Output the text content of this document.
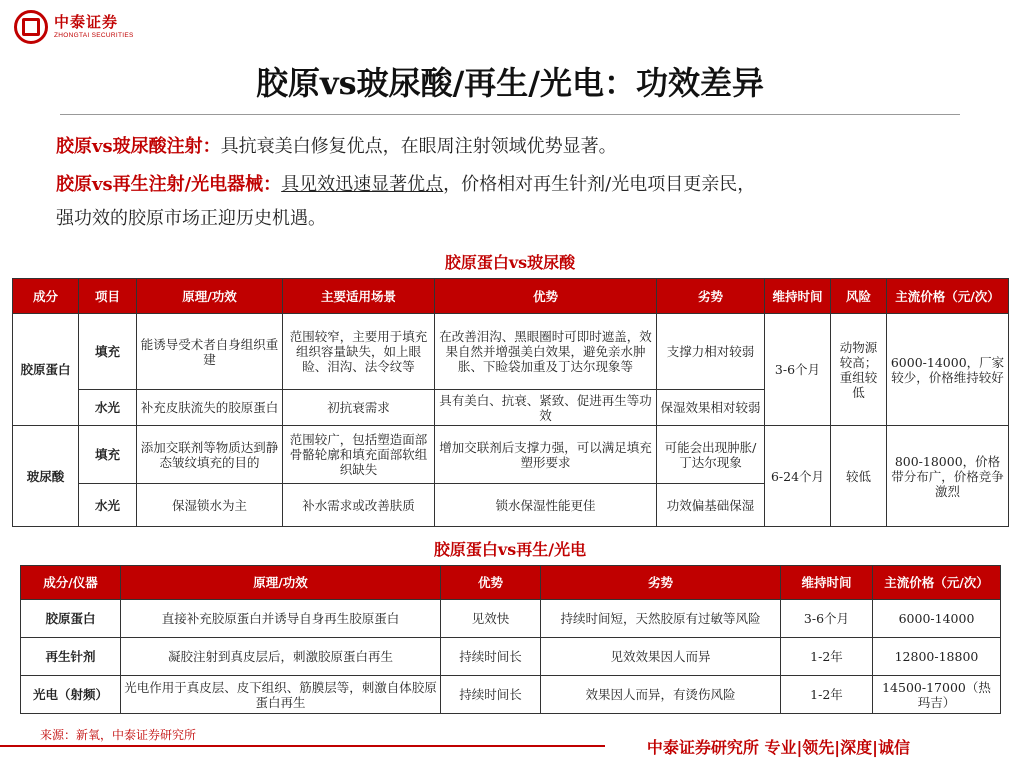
中泰证券
ZHONGTAI SECURITIES
胶原vs玻尿酸/再生/光电：功效差异
胶原vs玻尿酸注射：具抗衰美白修复优点，在眼周注射领域优势显著。
胶原vs再生注射/光电器械：具见效迅速显著优点，价格相对再生针剂/光电项目更亲民，
强功效的胶原市场正迎历史机遇。
胶原蛋白vs玻尿酸
成分	项目	原理/功效	主要适用场景	优势	劣势	维持时间	风险	主流价格（元/次）
胶原蛋白	填充	能诱导受术者自身组织重建	范围较窄，主要用于填充组织容量缺失，如上眼睑、泪沟、法令纹等	在改善泪沟、黑眼圈时可即时遮盖，效果自然并增强美白效果，避免亲水肿胀、下睑袋加重及丁达尔现象等	支撑力相对较弱	3-6个月	动物源较高；重组较低	6000-14000，厂家较少，价格维持较好
	水光	补充皮肤流失的胶原蛋白	初抗衰需求	具有美白、抗衰、紧致、促进再生等功效	保湿效果相对较弱			
玻尿酸	填充	添加交联剂等物质达到静态皱纹填充的目的	范围较广，包括塑造面部骨骼轮廓和填充面部软组织缺失	增加交联剂后支撑力强，可以满足填充塑形要求	可能会出现肿胀/丁达尔现象	6-24个月	较低	800-18000，价格带分布广，价格竞争激烈
	水光	保湿锁水为主	补水需求或改善肤质	锁水保湿性能更佳	功效偏基础保湿			
胶原蛋白vs再生/光电
成分/仪器	原理/功效	优势	劣势	维持时间	主流价格（元/次）
胶原蛋白	直接补充胶原蛋白并诱导自身再生胶原蛋白	见效快	持续时间短，天然胶原有过敏等风险	3-6个月	6000-14000
再生针剂	凝胶注射到真皮层后，刺激胶原蛋白再生	持续时间长	见效效果因人而异	1-2年	12800-18800
光电（射频）	光电作用于真皮层、皮下组织、筋膜层等，刺激自体胶原蛋白再生	持续时间长	效果因人而异，有烫伤风险	1-2年	14500-17000（热玛吉）
来源：新氧，中泰证券研究所
中泰证券研究所 专业|领先|深度|诚信
